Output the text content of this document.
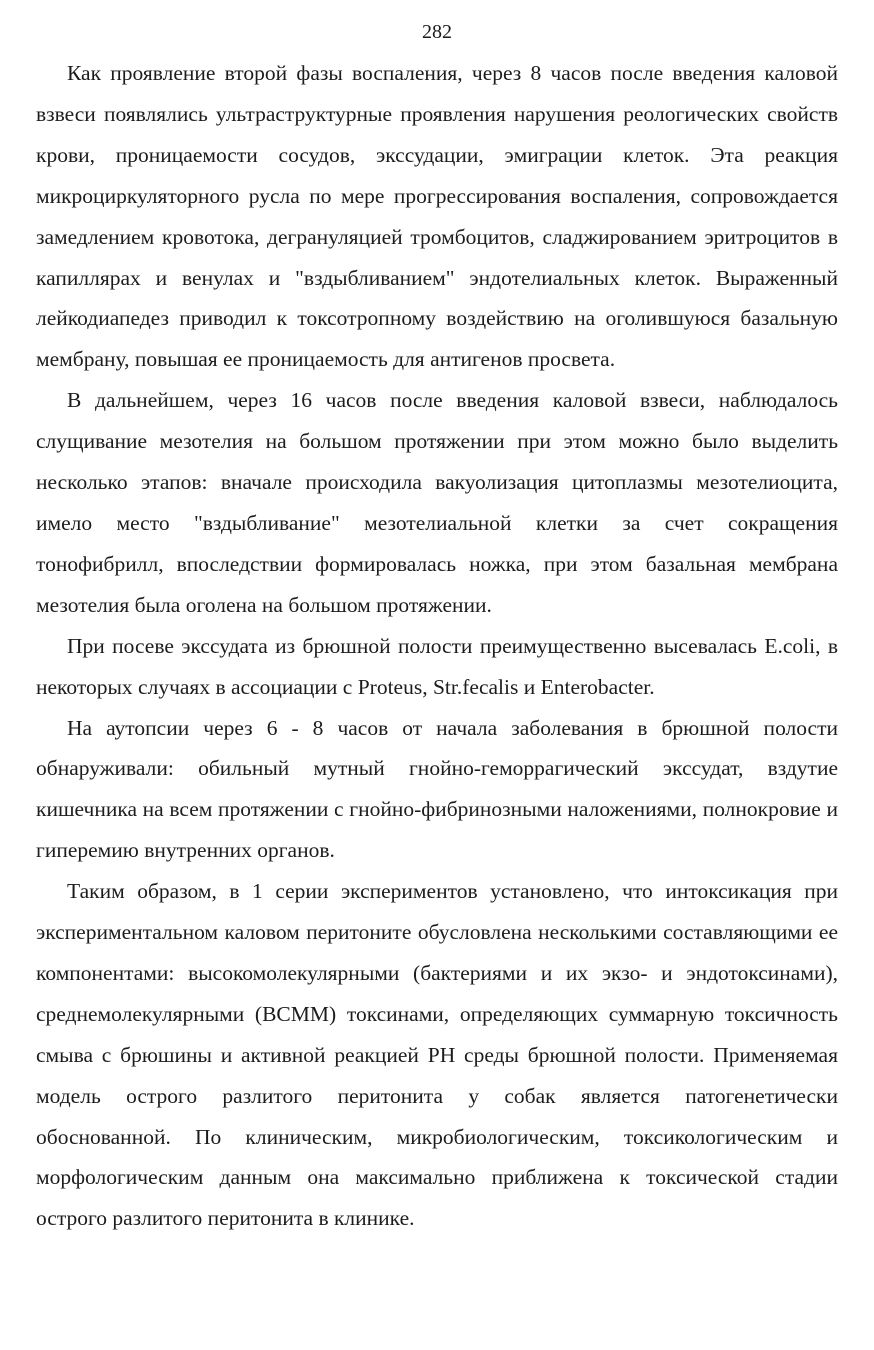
282

Как проявление второй фазы воспаления, через 8 часов после введения каловой взвеси появлялись ультраструктурные проявления нарушения реологических свойств крови, проницаемости сосудов, экссудации, эмиграции клеток. Эта реакция микроциркуляторного русла по мере прогрессирования воспаления, сопровождается замедлением кровотока, дегрануляцией тромбоцитов, сладжированием эритроцитов в капиллярах и венулах и "вздыбливанием" эндотелиальных клеток. Выраженный лейкодиапедез приводил к токсотропному воздействию на оголившуюся базальную мембрану, повышая ее проницаемость для антигенов просвета.

В дальнейшем, через 16 часов после введения каловой взвеси, наблюдалось слущивание мезотелия на большом протяжении при этом можно было выделить несколько этапов: вначале происходила вакуолизация цитоплазмы мезотелиоцита, имело место "вздыбливание" мезотелиальной клетки за счет сокращения тонофибрилл, впоследствии формировалась ножка, при этом базальная мембрана мезотелия была оголена на большом протяжении.

При посеве экссудата из брюшной полости преимущественно высевалась E.coli, в некоторых случаях в ассоциации с Proteus, Str.fecalis и Enterobacter.

На аутопсии через 6 - 8 часов от начала заболевания в брюшной полости обнаруживали: обильный мутный гнойно-геморрагический экссудат, вздутие кишечника на всем протяжении с гнойно-фибринозными наложениями, полнокровие и гиперемию внутренних органов.

Таким образом, в 1 серии экспериментов установлено, что интоксикация при экспериментальном каловом перитоните обусловлена несколькими составляющими ее компонентами: высокомолекулярными (бактериями и их экзо- и эндотоксинами), среднемолекулярными (ВСММ) токсинами, определяющих суммарную токсичность смыва с брюшины и активной реакцией РН среды брюшной полости. Применяемая модель острого разлитого перитонита у собак является патогенетически обоснованной. По клиническим, микробиологическим, токсикологическим и морфологическим данным она максимально приближена к токсической стадии острого разлитого перитонита в клинике.
